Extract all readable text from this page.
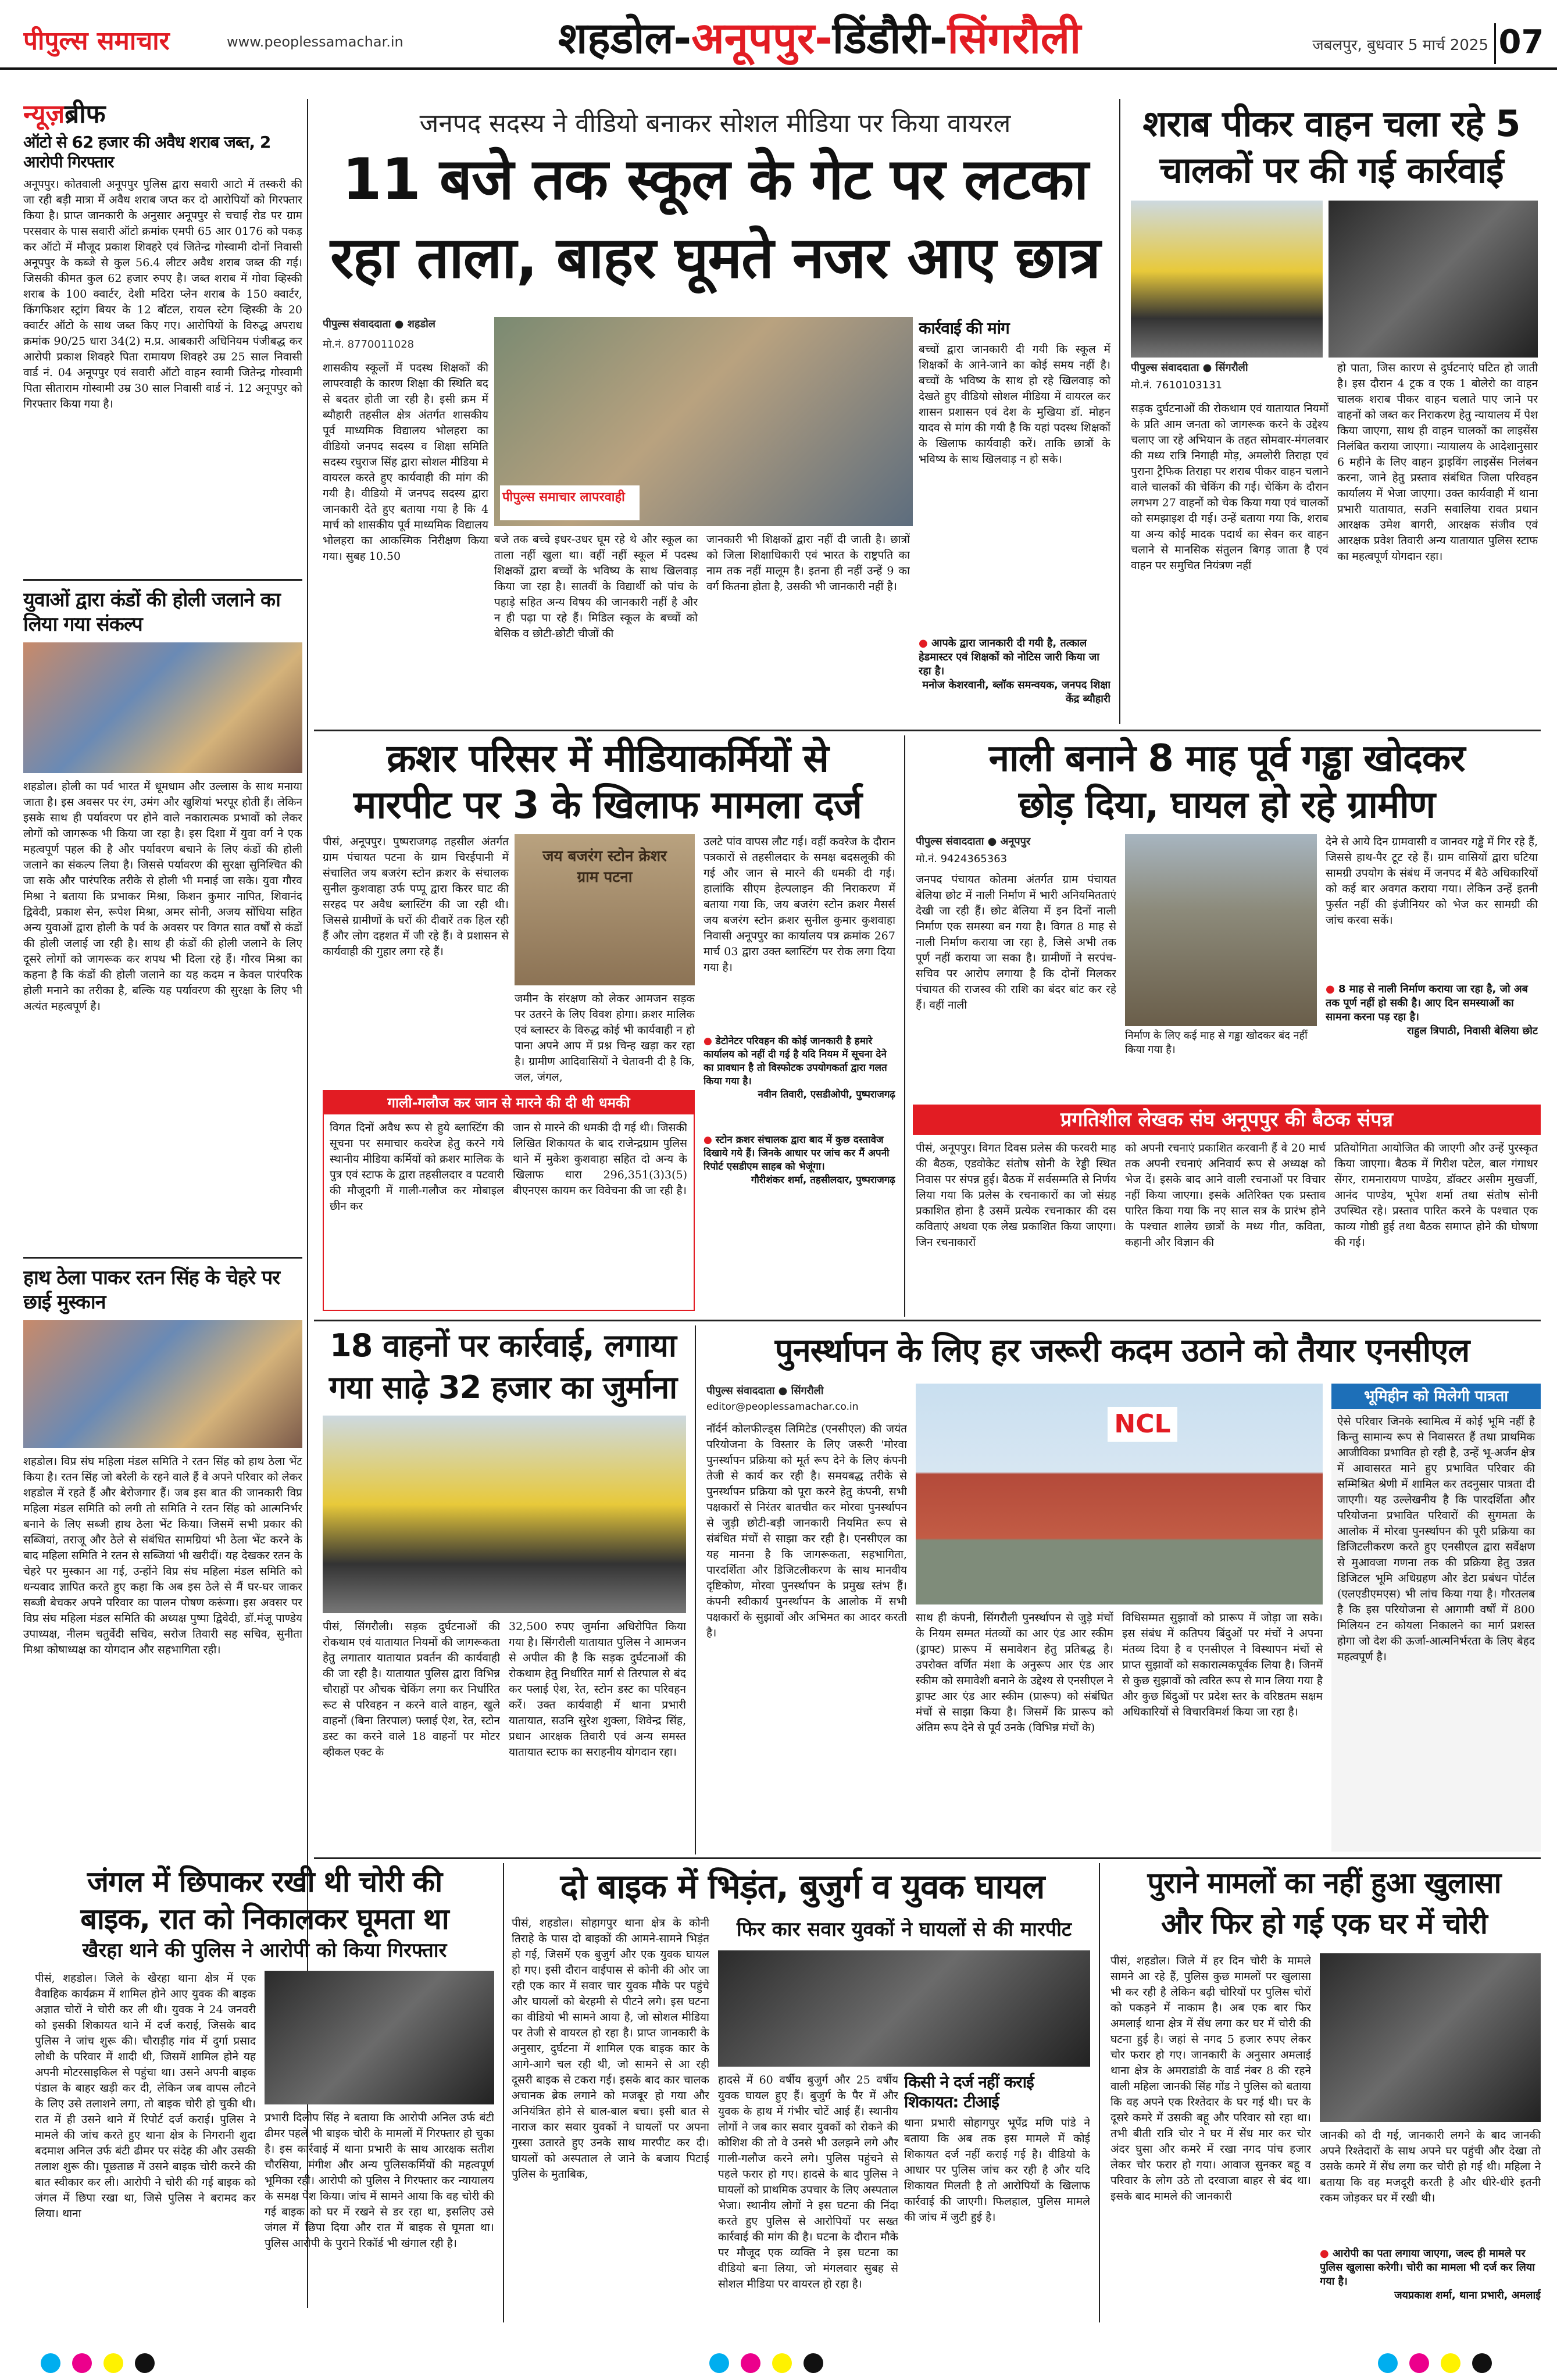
पीपुल्स समाचार	www.peoplessamachar.in	शहडोल-अनूपपुर-डिंडौरी-सिंगरौली	जबलपुर, बुधवार 5 मार्च 2025 07
न्यूज़ब्रीफ
ऑटो से 62 हजार की अवैध शराब जब्त, 2 आरोपी गिरफ्तार
अनूपपुर। कोतवाली अनूपपुर पुलिस द्वारा सवारी आटो में तस्करी की जा रही बड़ी मात्रा में अवैध शराब जप्त कर दो आरोपियों को गिरफ्तार किया है। प्राप्त जानकारी के अनुसार अनूपपुर से चचाई रोड पर ग्राम परसवार के पास सवारी ऑटो क्रमांक एमपी 65 आर 0176 को पकड़ कर ऑटो में मौजूद प्रकाश शिवहरे एवं जितेन्द्र गोस्वामी दोनों निवासी अनूपपुर के कब्जे से कुल 56.4 लीटर अवैध शराब जब्त की गई। जिसकी कीमत कुल 62 हजार रुपए है। जब्त शराब में गोवा व्हिस्की शराब के 100 क्वार्टर, देशी मदिरा प्लेन शराब के 150 क्वार्टर, किंगफिशर स्ट्रांग बियर के 12 बॉटल, रायल स्टेग व्हिस्की के 20 क्वार्टर ऑटो के साथ जब्त किए गए। आरोपियों के विरुद्ध अपराध क्रमांक 90/25 धारा 34(2) म.प्र. आबकारी अधिनियम पंजीबद्ध कर आरोपी प्रकाश शिवहरे पिता रामायण शिवहरे उम्र 25 साल निवासी वार्ड नं. 04 अनूपपुर एवं सवारी ऑटो वाहन स्वामी जितेन्द्र गोस्वामी पिता सीताराम गोस्वामी उम्र 30 साल निवासी वार्ड नं. 12 अनूपपुर को गिरफ्तार किया गया है।
युवाओं द्वारा कंडों की होली जलाने का लिया गया संकल्प
शहडोल। होली का पर्व भारत में धूमधाम और उल्लास के साथ मनाया जाता है। इस अवसर पर रंग, उमंग और खुशियां भरपूर होती हैं। लेकिन इसके साथ ही पर्यावरण पर होने वाले नकारात्मक प्रभावों को लेकर लोगों को जागरूक भी किया जा रहा है। इस दिशा में युवा वर्ग ने एक महत्वपूर्ण पहल की है और पर्यावरण बचाने के लिए कंडों की होली जलाने का संकल्प लिया है। जिससे पर्यावरण की सुरक्षा सुनिश्चित की जा सके और पारंपरिक तरीके से होली भी मनाई जा सके। युवा गौरव मिश्रा ने बताया कि प्रभाकर मिश्रा, किशन कुमार नापित, शिवानंद द्विवेदी, प्रकाश सेन, रूपेश मिश्रा, अमर सोनी, अजय सोंधिया सहित अन्य युवाओं द्वारा होली के पर्व के अवसर पर विगत सात वर्षों से कंडों की होली जलाई जा रही है। साथ ही कंडों की होली जलाने के लिए दूसरे लोगों को जागरूक कर शपथ भी दिला रहे हैं। गौरव मिश्रा का कहना है कि कंडों की होली जलाने का यह कदम न केवल पारंपरिक होली मनाने का तरीका है, बल्कि यह पर्यावरण की सुरक्षा के लिए भी अत्यंत महत्वपूर्ण है।
हाथ ठेला पाकर रतन सिंह के चेहरे पर छाई मुस्कान
शहडोल। विप्र संघ महिला मंडल समिति ने रतन सिंह को हाथ ठेला भेंट किया है। रतन सिंह जो बरेली के रहने वाले हैं वे अपने परिवार को लेकर शहडोल में रहते हैं और बेरोजगार हैं। जब इस बात की जानकारी विप्र महिला मंडल समिति को लगी तो समिति ने रतन सिंह को आत्मनिर्भर बनाने के लिए सब्जी हाथ ठेला भेंट किया। जिसमें सभी प्रकार की सब्जियां, तराजू और ठेले से संबंधित सामग्रियां भी ठेला भेंट करने के बाद महिला समिति ने रतन से सब्जियां भी खरीदीं। यह देखकर रतन के चेहरे पर मुस्कान आ गई, उन्होंने विप्र संघ महिला मंडल समिति को धन्यवाद ज्ञापित करते हुए कहा कि अब इस ठेले से मैं घर-घर जाकर सब्जी बेचकर अपने परिवार का पालन पोषण करूंगा। इस अवसर पर विप्र संघ महिला मंडल समिति की अध्यक्ष पुष्पा द्विवेदी, डॉ.मंजू पाण्डेय उपाध्यक्ष, नीलम चतुर्वेदी सचिव, सरोज तिवारी सह सचिव, सुनीता मिश्रा कोषाध्यक्ष का योगदान और सहभागिता रही।
जनपद सदस्य ने वीडियो बनाकर सोशल मीडिया पर किया वायरल
11 बजे तक स्कूल के गेट पर लटका
रहा ताला, बाहर घूमते नजर आए छात्र
पीपुल्स संवाददाता ● शहडोल
मो.नं. 8770011028
पीपुल्स समाचार लापरवाही
शासकीय स्कूलों में पदस्थ शिक्षकों की लापरवाही के कारण शिक्षा की स्थिति बद से बदतर होती जा रही है। इसी क्रम में ब्यौहारी तहसील क्षेत्र अंतर्गत शासकीय पूर्व माध्यमिक विद्यालय भोलहरा का वीडियो जनपद सदस्य व शिक्षा समिति सदस्य रघुराज सिंह द्वारा सोशल मीडिया मे वायरल करते हुए कार्यवाही की मांग की गयी है। वीडियो में जनपद सदस्य द्वारा जानकारी देते हुए बताया गया है कि 4 मार्च को शासकीय पूर्व माध्यमिक विद्यालय भोलहरा का आकस्मिक निरीक्षण किया गया। सुबह 10.50
बजे तक बच्चे इधर-उधर घूम रहे थे और स्कूल का ताला नहीं खुला था। वहीं नहीं स्कूल में पदस्थ शिक्षकों द्वारा बच्चों के भविष्य के साथ खिलवाड़ किया जा रहा है। सातवीं के विद्यार्थी को पांच के पहाड़े सहित अन्य विषय की जानकारी नहीं है और न ही पढ़ा पा रहे हैं। मिडिल स्कूल के बच्चों को बेसिक व छोटी-छोटी चीजों की
जानकारी भी शिक्षकों द्वारा नहीं दी जाती है। छात्रों को जिला शिक्षाधिकारी एवं भारत के राष्ट्रपति का नाम तक नहीं मालूम है। इतना ही नहीं उन्हें 9 का वर्ग कितना होता है, उसकी भी जानकारी नहीं है।
कार्रवाई की मांग
बच्चों द्वारा जानकारी दी गयी कि स्कूल में शिक्षकों के आने-जाने का कोई समय नहीं है। बच्चों के भविष्य के साथ हो रहे खिलवाड़ को देखते हुए वीडियो सोशल मीडिया में वायरल कर शासन प्रशासन एवं देश के मुखिया डॉ. मोहन यादव से मांग की गयी है कि यहां पदस्थ शिक्षकों के खिलाफ कार्यवाही करें। ताकि छात्रों के भविष्य के साथ खिलवाड़ न हो सके।
● आपके द्वारा जानकारी दी गयी है, तत्काल हेडमास्टर एवं शिक्षकों को नोटिस जारी किया जा रहा है।
मनोज केशरवानी, ब्लॉक समन्वयक, जनपद शिक्षा केंद्र ब्यौहारी
शराब पीकर वाहन चला रहे 5
चालकों पर की गई कार्रवाई
पीपुल्स संवाददाता ● सिंगरौली
मो.नं. 7610103131
सड़क दुर्घटनाओं की रोकथाम एवं यातायात नियमों के प्रति आम जनता को जागरूक करने के उद्देश्य चलाए जा रहे अभियान के तहत सोमवार-मंगलवार की मध्य रात्रि निगाही मोड़, अमलोरी तिराहा एवं पुराना ट्रैफिक तिराहा पर शराब पीकर वाहन चलाने वाले चालकों की चेकिंग की गई। चेकिंग के दौरान लगभग 27 वाहनों को चेक किया गया एवं चालकों को समझाइश दी गई। उन्हें बताया गया कि, शराब या अन्य कोई मादक पदार्थ का सेवन कर वाहन चलाने से मानसिक संतुलन बिगड़ जाता है एवं वाहन पर समुचित नियंत्रण नहीं
हो पाता, जिस कारण से दुर्घटनाएं घटित हो जाती है। इस दौरान 4 ट्रक व एक 1 बोलेरो का वाहन चालक शराब पीकर वाहन चलाते पाए जाने पर वाहनों को जब्त कर निराकरण हेतु न्यायालय में पेश किया जाएगा, साथ ही वाहन चालकों का लाइसेंस निलंबित कराया जाएगा। न्यायालय के आदेशानुसार 6 महीने के लिए वाहन ड्राइविंग लाइसेंस निलंबन करना, जाने हेतु प्रस्ताव संबंधित जिला परिवहन कार्यालय में भेजा जाएगा। उक्त कार्यवाही में थाना प्रभारी यातायात, सउनि सवालिया रावत प्रधान आरक्षक उमेश बागरी, आरक्षक संजीव एवं आरक्षक प्रवेश तिवारी अन्य यातायात पुलिस स्टाफ का महत्वपूर्ण योगदान रहा।
क्रशर परिसर में मीडियाकर्मियों से
मारपीट पर 3 के खिलाफ मामला दर्ज
पीसं, अनूपपुर। पुष्पराजगढ़ तहसील अंतर्गत ग्राम पंचायत पटना के ग्राम चिरईपानी में संचालित जय बजरंग स्टोन क्रशर के संचालक सुनील कुशवाहा उर्फ पप्पू द्वारा किरर घाट की सरहद पर अवैध ब्लास्टिंग की जा रही थी। जिससे ग्रामीणों के घरों की दीवारें तक हिल रही हैं और लोग दहशत में जी रहे हैं। वे प्रशासन से कार्यवाही की गुहार लगा रहे हैं।
जय बजरंग स्टोन क्रेशर ग्राम पटना
जमीन के संरक्षण को लेकर आमजन सड़क पर उतरने के लिए विवश होगा। क्रशर मालिक एवं ब्लास्टर के विरुद्ध कोई भी कार्यवाही न हो पाना अपने आप में प्रश्न चिन्ह खड़ा कर रहा है। ग्रामीण आदिवासियों ने चेतावनी दी है कि, जल, जंगल,
उलटे पांव वापस लौट गई। वहीं कवरेज के दौरान पत्रकारों से तहसीलदार के समक्ष बदसलूकी की गई और जान से मारने की धमकी दी गई। हालांकि सीएम हेल्पलाइन की निराकरण में बताया गया कि, जय बजरंग स्टोन क्रशर मैसर्स जय बजरंग स्टोन क्रशर सुनील कुमार कुशवाहा निवासी अनूपपुर का कार्यालय पत्र क्रमांक 267 मार्च 03 द्वारा उक्त ब्लास्टिंग पर रोक लगा दिया गया है।
● डेटोनेटर परिवहन की कोई जानकारी है हमारे कार्यालय को नहीं दी गई है यदि नियम में सूचना देने का प्रावधान है तो विस्फोटक उपयोगकर्ता द्वारा गलत किया गया है।
नवीन तिवारी, एसडीओपी, पुष्पराजगढ़
गाली-गलौज कर जान से मारने की दी थी धमकी
विगत दिनों अवैध रूप से हुये ब्लास्टिंग की सूचना पर समाचार कवरेज हेतु करने गये स्थानीय मीडिया कर्मियों को क्रशर मालिक के पुत्र एवं स्टाफ के द्वारा तहसीलदार व पटवारी की मौजूदगी में गाली-गलौज कर मोबाइल छीन कर
जान से मारने की धमकी दी गई थी। जिसकी लिखित शिकायत के बाद राजेन्द्रग्राम पुलिस थाने में मुकेश कुशवाहा सहित दो अन्य के खिलाफ धारा 296,351(3)3(5) बीएनएस कायम कर विवेचना की जा रही है।
● स्टोन क्रशर संचालक द्वारा बाद में कुछ दस्तावेज दिखाये गये हैं। जिनके आधार पर जांच कर मैं अपनी रिपोर्ट एसडीएम साहब को भेजूंगा।
गौरीशंकर शर्मा, तहसीलदार, पुष्पराजगढ़
नाली बनाने 8 माह पूर्व गड्ढा खोदकर
छोड़ दिया, घायल हो रहे ग्रामीण
पीपुल्स संवाददाता ● अनूपपुर
मो.नं. 9424365363
जनपद पंचायत कोतमा अंतर्गत ग्राम पंचायत बेलिया छोट में नाली निर्माण में भारी अनियमितताएं देखी जा रही हैं। छोट बेलिया में इन दिनों नाली निर्माण एक समस्या बन गया है। विगत 8 माह से नाली निर्माण कराया जा रहा है, जिसे अभी तक पूर्ण नहीं कराया जा सका है। ग्रामीणों ने सरपंच-सचिव पर आरोप लगाया है कि दोनों मिलकर पंचायत की राजस्व की राशि का बंदर बांट कर रहे हैं। वहीं नाली
निर्माण के लिए कई माह से गड्ढा खोदकर बंद नहीं किया गया है।
देने से आये दिन ग्रामवासी व जानवर गड्ढे में गिर रहे हैं, जिससे हाथ-पैर टूट रहे हैं। ग्राम वासियों द्वारा घटिया सामग्री उपयोग के संबंध में जनपद में बैठे अधिकारियों को कई बार अवगत कराया गया। लेकिन उन्हें इतनी फुर्सत नहीं की इंजीनियर को भेज कर सामग्री की जांच करवा सकें।
● 8 माह से नाली निर्माण कराया जा रहा है, जो अब तक पूर्ण नहीं हो सकी है। आए दिन समस्याओं का सामना करना पड़ रहा है।
राहुल त्रिपाठी, निवासी बेलिया छोट
प्रगतिशील लेखक संघ अनूपपुर की बैठक संपन्न
पीसं, अनूपपुर। विगत दिवस प्रलेस की फरवरी माह की बैठक, एडवोकेट संतोष सोनी के रेड्डी स्थित निवास पर संपन्न हुई। बैठक में सर्वसम्मति से निर्णय लिया गया कि प्रलेस के रचनाकारों का जो संग्रह प्रकाशित होना है उसमें प्रत्येक रचनाकार की दस कविताएं अथवा एक लेख प्रकाशित किया जाएगा। जिन रचनाकारों
को अपनी रचनाएं प्रकाशित करवानी हैं वे 20 मार्च तक अपनी रचनाएं अनिवार्य रूप से अध्यक्ष को भेज दें। इसके बाद आने वाली रचनाओं पर विचार नहीं किया जाएगा। इसके अतिरिक्त एक प्रस्ताव पारित किया गया कि नए साल सत्र के प्रारंभ होने के पश्चात शालेय छात्रों के मध्य गीत, कविता, कहानी और विज्ञान की
प्रतियोगिता आयोजित की जाएगी और उन्हें पुरस्कृत किया जाएगा। बैठक में गिरीश पटेल, बाल गंगाधर सेंगर, रामनारायण पाण्डेय, डॉक्टर असीम मुखर्जी, आनंद पाण्डेय, भूपेश शर्मा तथा संतोष सोनी उपस्थित रहे। प्रस्ताव पारित करने के पश्चात एक काव्य गोष्ठी हुई तथा बैठक समाप्त होने की घोषणा की गई।
18 वाहनों पर कार्रवाई, लगाया
गया साढ़े 32 हजार का जुर्माना
पीसं, सिंगरौली। सड़क दुर्घटनाओं की रोकथाम एवं यातायात नियमों की जागरूकता हेतु लगातार यातायात प्रवर्तन की कार्यवाही की जा रही है। यातायात पुलिस द्वारा विभिन्न चौराहों पर औचक चेकिंग लगा कर निर्धारित रूट से परिवहन न करने वाले वाहन, खुले वाहनों (बिना तिरपाल) फ्लाई ऐश, रेत, स्टोन डस्ट का करने वाले 18 वाहनों पर मोटर व्हीकल एक्ट के
32,500 रुपए जुर्माना अधिरोपित किया गया है। सिंगरौली यातायात पुलिस ने आमजन से अपील की है कि सड़क दुर्घटनाओं की रोकथाम हेतु निर्धारित मार्ग से तिरपाल से बंद कर फ्लाई ऐश, रेत, स्टोन डस्ट का परिवहन करें। उक्त कार्यवाही में थाना प्रभारी यातायात, सउनि सुरेश शुक्ला, शिवेन्द्र सिंह, प्रधान आरक्षक तिवारी एवं अन्य समस्त यातायात स्टाफ का सराहनीय योगदान रहा।
पुनर्स्थापन के लिए हर जरूरी कदम उठाने को तैयार एनसीएल
पीपुल्स संवाददाता ● सिंगरौली
editor@peoplessamachar.co.in
नॉर्दर्न कोलफील्ड्स लिमिटेड (एनसीएल) की जयंत परियोजना के विस्तार के लिए जरूरी 'मोरवा पुनर्स्थापन प्रक्रिया को मूर्त रूप देने के लिए कंपनी तेजी से कार्य कर रही है। समयबद्ध तरीके से पुनर्स्थापन प्रक्रिया को पूरा करने हेतु कंपनी, सभी पक्षकारों से निरंतर बातचीत कर मोरवा पुनर्स्थापन से जुड़ी छोटी-बड़ी जानकारी नियमित रूप से संबंधित मंचों से साझा कर रही है। एनसीएल का यह मानना है कि जागरूकता, सहभागिता, पारदर्शिता और डिजिटलीकरण के साथ मानवीय दृष्टिकोण, मोरवा पुनर्स्थापन के प्रमुख स्तंभ हैं। कंपनी स्वीकार्य पुनर्स्थापन के आलोक में सभी पक्षकारों के सुझावों और अभिमत का आदर करती है।
NCL
साथ ही कंपनी, सिंगरौली पुनर्स्थापन से जुड़े मंचों के नियम सम्मत मंतव्यों का आर एंड आर स्कीम (ड्राफ्ट) प्रारूप में समावेशन हेतु प्रतिबद्ध है। उपरोक्त वर्णित मंशा के अनुरूप आर एंड आर स्कीम को समावेशी बनाने के उद्देश्य से एनसीएल ने ड्राफ्ट आर एंड आर स्कीम (प्रारूप) को संबंधित मंचों से साझा किया है। जिसमें कि प्रारूप को अंतिम रूप देने से पूर्व उनके (विभिन्न मंचों के)
विधिसम्मत सुझावों को प्रारूप में जोड़ा जा सके। इस संबंध में कतिपय बिंदुओं पर मंचों ने अपना मंतव्य दिया है व एनसीएल ने विस्थापन मंचों से प्राप्त सुझावों को सकारात्मकपूर्वक लिया है। जिनमें से कुछ सुझावों को त्वरित रूप से मान लिया गया है और कुछ बिंदुओं पर प्रदेश स्तर के वरिष्ठतम सक्षम अधिकारियों से विचारविमर्श किया जा रहा है।
भूमिहीन को मिलेगी पात्रता
ऐसे परिवार जिनके स्वामित्व में कोई भूमि नहीं है किन्तु सामान्य रूप से निवासरत हैं तथा प्राथमिक आजीविका प्रभावित हो रही है, उन्हें भू-अर्जन क्षेत्र में आवासरत माने हुए प्रभावित परिवार की सम्मिश्रित श्रेणी में शामिल कर तदनुसार पात्रता दी जाएगी। यह उल्लेखनीय है कि पारदर्शिता और परियोजना प्रभावित परिवारों की सुगमता के आलोक में मोरवा पुनर्स्थापन की पूरी प्रक्रिया का डिजिटलीकरण करते हुए एनसीएल द्वारा सर्वेक्षण से मुआवजा गणना तक की प्रक्रिया हेतु उन्नत डिजिटल भूमि अधिग्रहण और डेटा प्रबंधन पोर्टल (एलएडीएमएस) भी लांच किया गया है। गौरतलब है कि इस परियोजना से आगामी वर्षों में 800 मिलियन टन कोयला निकालने का मार्ग प्रशस्त होगा जो देश की ऊर्जा-आत्मनिर्भरता के लिए बेहद महत्वपूर्ण है।
जंगल में छिपाकर रखी थी चोरी की
बाइक, रात को निकालकर घूमता था
खैरहा थाने की पुलिस ने आरोपी को किया गिरफ्तार
पीसं, शहडोल। जिले के खैरहा थाना क्षेत्र में एक वैवाहिक कार्यक्रम में शामिल होने आए युवक की बाइक अज्ञात चोरों ने चोरी कर ली थी। युवक ने 24 जनवरी को इसकी शिकायत थाने में दर्ज कराई, जिसके बाद पुलिस ने जांच शुरू की। चौराड़ीह गांव में दुर्गा प्रसाद लोधी के परिवार में शादी थी, जिसमें शामिल होने यह अपनी मोटरसाइकिल से पहुंचा था। उसने अपनी बाइक पंडाल के बाहर खड़ी कर दी, लेकिन जब वापस लौटने के लिए उसे तलाशने लगा, तो बाइक चोरी हो चुकी थी। रात में ही उसने थाने में रिपोर्ट दर्ज कराई। पुलिस ने मामले की जांच करते हुए थाना क्षेत्र के निगरानी शुदा बदमाश अनिल उर्फ बंटी ढीमर पर संदेह की और उसकी तलाश शुरू की। पूछताछ में उसने बाइक चोरी करने की बात स्वीकार कर ली। आरोपी ने चोरी की गई बाइक को जंगल में छिपा रखा था, जिसे पुलिस ने बरामद कर लिया। थाना
प्रभारी दिलीप सिंह ने बताया कि आरोपी अनिल उर्फ बंटी ढीमर पहले भी बाइक चोरी के मामलों में गिरफ्तार हो चुका है। इस कार्रवाई में थाना प्रभारी के साथ आरक्षक सतीश चौरसिया, मंगीश और अन्य पुलिसकर्मियों की महत्वपूर्ण भूमिका रही। आरोपी को पुलिस ने गिरफ्तार कर न्यायालय के समक्ष पेश किया। जांच में सामने आया कि वह चोरी की गई बाइक को घर में रखने से डर रहा था, इसलिए उसे जंगल में छिपा दिया और रात में बाइक से घूमता था। पुलिस आरोपी के पुराने रिकॉर्ड भी खंगाल रही है।
दो बाइक में भिड़ंत, बुजुर्ग व युवक घायल
फिर कार सवार युवकों ने घायलों से की मारपीट
पीसं, शहडोल। सोहागपुर थाना क्षेत्र के कोनी तिराहे के पास दो बाइकों की आमने-सामने भिड़ंत हो गई, जिसमें एक बुजुर्ग और एक युवक घायल हो गए। इसी दौरान वाईपास से कोनी की ओर जा रही एक कार में सवार चार युवक मौके पर पहुंचे और घायलों को बेरहमी से पीटने लगे। इस घटना का वीडियो भी सामने आया है, जो सोशल मीडिया पर तेजी से वायरल हो रहा है। प्राप्त जानकारी के अनुसार, दुर्घटना में शामिल एक बाइक कार के आगे-आगे चल रही थी, जो सामने से आ रही दूसरी बाइक से टकरा गई। इसके बाद कार चालक अचानक ब्रेक लगाने को मजबूर हो गया और अनियंत्रित होने से बाल-बाल बचा। इसी बात से नाराज कार सवार युवकों ने घायलों पर अपना गुस्सा उतारते हुए उनके साथ मारपीट कर दी। घायलों को अस्पताल ले जाने के बजाय पिटाई पुलिस के मुताबिक,
हादसे में 60 वर्षीय बुजुर्ग और 25 वर्षीय युवक घायल हुए हैं। बुजुर्ग के पैर में और युवक के हाथ में गंभीर चोटें आई हैं। स्थानीय लोगों ने जब कार सवार युवकों को रोकने की कोशिश की तो वे उनसे भी उलझने लगे और गाली-गलौज करने लगे। पुलिस पहुंचने से पहले फरार हो गए। हादसे के बाद पुलिस ने घायलों को प्राथमिक उपचार के लिए अस्पताल भेजा। स्थानीय लोगों ने इस घटना की निंदा करते हुए पुलिस से आरोपियों पर सख्त कार्रवाई की मांग की है। घटना के दौरान मौके पर मौजूद एक व्यक्ति ने इस घटना का वीडियो बना लिया, जो मंगलवार सुबह से सोशल मीडिया पर वायरल हो रहा है।
किसी ने दर्ज नहीं कराई शिकायत: टीआई
थाना प्रभारी सोहागपुर भूपेंद्र मणि पांडे ने बताया कि अब तक इस मामले में कोई शिकायत दर्ज नहीं कराई गई है। वीडियो के आधार पर पुलिस जांच कर रही है और यदि शिकायत मिलती है तो आरोपियों के खिलाफ कार्रवाई की जाएगी। फिलहाल, पुलिस मामले की जांच में जुटी हुई है।
पुराने मामलों का नहीं हुआ खुलासा
और फिर हो गई एक घर में चोरी
पीसं, शहडोल। जिले में हर दिन चोरी के मामले सामने आ रहे हैं, पुलिस कुछ मामलों पर खुलासा भी कर रही है लेकिन बढ़ी चोरियों पर पुलिस चोरों को पकड़ने में नाकाम है। अब एक बार फिर अमलाई थाना क्षेत्र में सेंध लगा कर घर में चोरी की घटना हुई है। जहां से नगद 5 हजार रुपए लेकर चोर फरार हो गए। जानकारी के अनुसार अमलाई थाना क्षेत्र के अमराडांडी के वार्ड नंबर 8 की रहने वाली महिला जानकी सिंह गोंड ने पुलिस को बताया कि वह अपने एक रिश्तेदार के घर गई थी। घर के दूसरे कमरे में उसकी बहू और परिवार सो रहा था। तभी बीती रात्रि चोर ने घर में सेंध मार कर चोर अंदर घुसा और कमरे में रखा नगद पांच हजार लेकर चोर फरार हो गया। आवाज सुनकर बहू व परिवार के लोग उठे तो दरवाजा बाहर से बंद था। इसके बाद मामले की जानकारी
जानकी को दी गई, जानकारी लगने के बाद जानकी अपने रिश्तेदारों के साथ अपने घर पहुंची और देखा तो उसके कमरे में सेंध लगा कर चोरी हो गई थी। महिला ने बताया कि वह मजदूरी करती है और धीरे-धीरे इतनी रकम जोड़कर घर में रखी थी।
● आरोपी का पता लगाया जाएगा, जल्द ही मामले पर पुलिस खुलासा करेगी। चोरी का मामला भी दर्ज कर लिया गया है।
जयप्रकाश शर्मा, थाना प्रभारी, अमलाई
